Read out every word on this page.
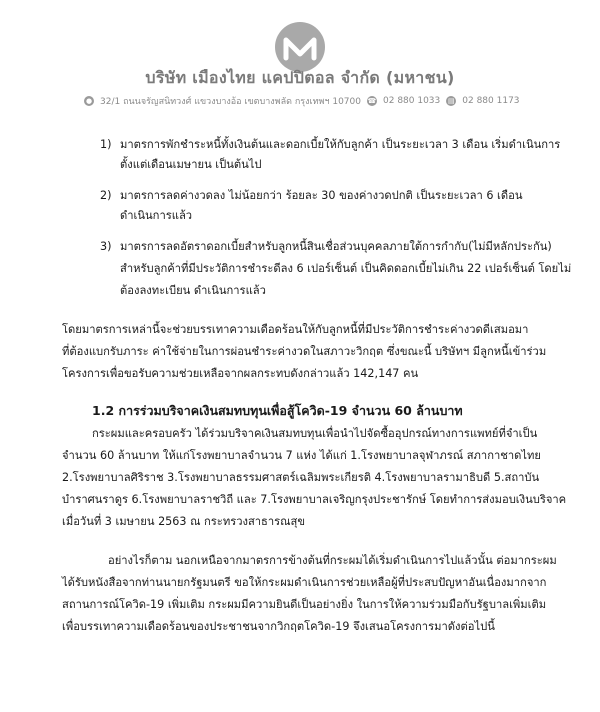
บริษัท เมืองไทย แคปปิตอล จำกัด (มหาชน)
● 32/1 ถนนจรัญสนิทวงศ์ แขวงบางอ้อ เขตบางพลัด กรุงเทพฯ 10700 ☎ 02 880 1033 ▤ 02 880 1173
1) มาตรการพักชำระหนี้ทั้งเงินต้นและดอกเบี้ยให้กับลูกค้า เป็นระยะเวลา 3 เดือน เริ่มดำเนินการ
ตั้งแต่เดือนเมษายน เป็นต้นไป
2) มาตรการลดค่างวดลง ไม่น้อยกว่า ร้อยละ 30 ของค่างวดปกติ เป็นระยะเวลา 6 เดือน
ดำเนินการแล้ว
3) มาตรการลดอัตราดอกเบี้ยสำหรับลูกหนี้สินเชื่อส่วนบุคคลภายใต้การกำกับ(ไม่มีหลักประกัน)
สำหรับลูกค้าที่มีประวัติการชำระดีลง 6 เปอร์เซ็นต์ เป็นคิดดอกเบี้ยไม่เกิน 22 เปอร์เซ็นต์ โดยไม่
ต้องลงทะเบียน ดำเนินการแล้ว
โดยมาตรการเหล่านี้จะช่วยบรรเทาความเดือดร้อนให้กับลูกหนี้ที่มีประวัติการชำระค่างวดดีเสมอมา
ที่ต้องแบกรับภาระ ค่าใช้จ่ายในการผ่อนชำระค่างวดในสภาวะวิกฤต ซึ่งขณะนี้ บริษัทฯ มีลูกหนี้เข้าร่วม
โครงการเพื่อขอรับความช่วยเหลือจากผลกระทบดังกล่าวแล้ว 142,147 คน
1.2 การร่วมบริจาคเงินสมทบทุนเพื่อสู้โควิด-19 จำนวน 60 ล้านบาท
กระผมและครอบครัว ได้ร่วมบริจาคเงินสมทบทุนเพื่อนำไปจัดซื้ออุปกรณ์ทางการแพทย์ที่จำเป็น
จำนวน 60 ล้านบาท ให้แก่โรงพยาบาลจำนวน 7 แห่ง ได้แก่ 1.โรงพยาบาลจุฬาภรณ์ สภากาชาดไทย
2.โรงพยาบาลศิริราช 3.โรงพยาบาลธรรมศาสตร์เฉลิมพระเกียรติ 4.โรงพยาบาลรามาธิบดี 5.สถาบัน
บำราศนราดูร 6.โรงพยาบาลราชวิถี และ 7.โรงพยาบาลเจริญกรุงประชารักษ์ โดยทำการส่งมอบเงินบริจาค
เมื่อวันที่ 3 เมษายน 2563 ณ กระทรวงสาธารณสุข
อย่างไรก็ตาม นอกเหนือจากมาตรการข้างต้นที่กระผมได้เริ่มดำเนินการไปแล้วนั้น ต่อมากระผม
ได้รับหนังสือจากท่านนายกรัฐมนตรี ขอให้กระผมดำเนินการช่วยเหลือผู้ที่ประสบปัญหาอันเนื่องมากจาก
สถานการณ์โควิด-19 เพิ่มเติม กระผมมีความยินดีเป็นอย่างยิ่ง ในการให้ความร่วมมือกับรัฐบาลเพิ่มเติม
เพื่อบรรเทาความเดือดร้อนของประชาชนจากวิกฤตโควิด-19 จึงเสนอโครงการมาดังต่อไปนี้
